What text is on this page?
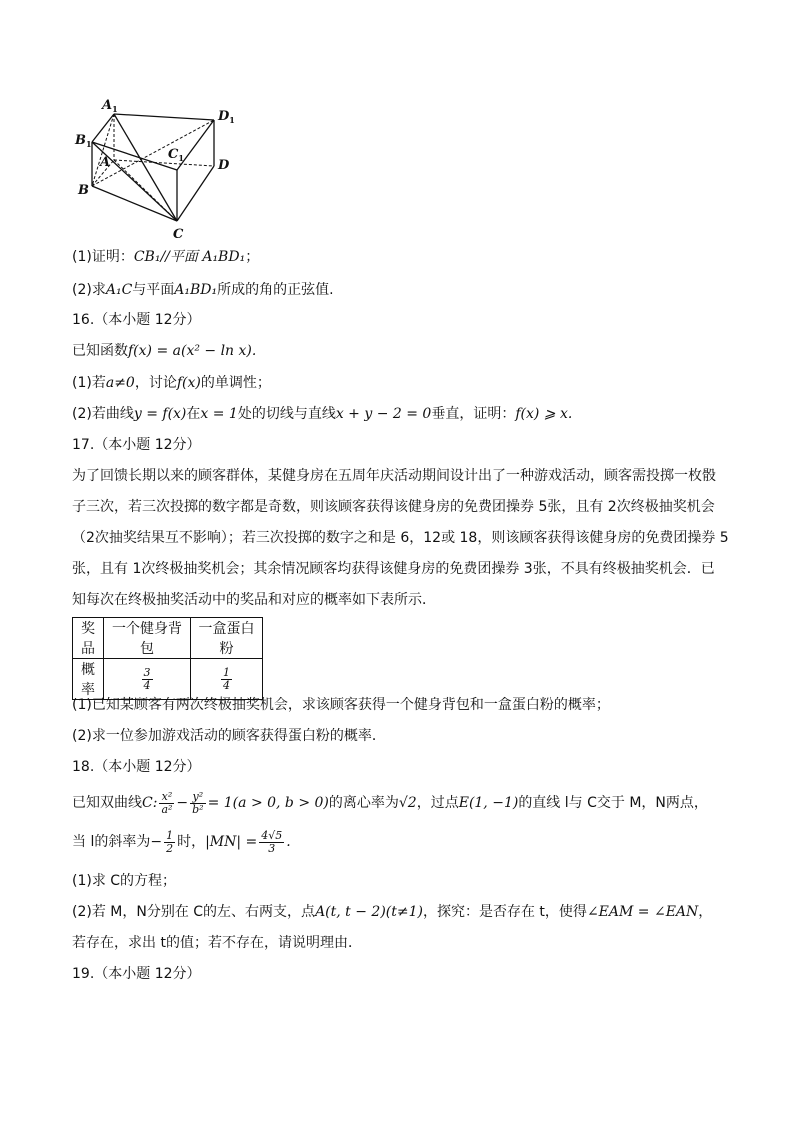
$A_1$	$D_1$
$B_1$
$C_1$
A	D
B
C
(1)证明：CB₁//平面 A₁BD₁；
(2)求A₁C与平面A₁BD₁所成的角的正弦值.
16.（本小题 12分）
已知函数f(x) = a(x² − ln x).
(1)若a≠0，讨论f(x)的单调性；
(2)若曲线y = f(x)在x = 1处的切线与直线x + y − 2 = 0垂直，证明：f(x) ⩾ x.
17.（本小题 12分）
为了回馈长期以来的顾客群体，某健身房在五周年庆活动期间设计出了一种游戏活动，顾客需投掷一枚骰
子三次，若三次投掷的数字都是奇数，则该顾客获得该健身房的免费团操券 5张，且有 2次终极抽奖机会
（2次抽奖结果互不影响）；若三次投掷的数字之和是 6，12或 18，则该顾客获得该健身房的免费团操券 5
张，且有 1次终极抽奖机会；其余情况顾客均获得该健身房的免费团操券 3张，不具有终极抽奖机会．已
知每次在终极抽奖活动中的奖品和对应的概率如下表所示．
奖品	一个健身背包	一盒蛋白粉
概率	$\frac{3}{4}$	$\frac{1}{4}$
(1)已知某顾客有两次终极抽奖机会，求该顾客获得一个健身背包和一盒蛋白粉的概率；
(2)求一位参加游戏活动的顾客获得蛋白粉的概率．
18.（本小题 12分）
已知双曲线C: $\frac{\text{x²}}{\text{a²}} - \frac{\text{y²}}{\text{b²}} = 1(a > 0$, b > 0)的离心率为√2，过点E(1, −1)的直线 l与 C交于 M，N两点，
当 l的斜率为− $\frac{1}{2}$ 时，$|MN| = \frac{4√5}{3}$ .
(1)求 C的方程；
(2)若 M，N分别在 C的左、右两支，点A(t, t − 2)(t≠1)，探究：是否存在 t，使得∠EAM = ∠EAN，
若存在，求出 t的值；若不存在，请说明理由．
19.（本小题 12分）
